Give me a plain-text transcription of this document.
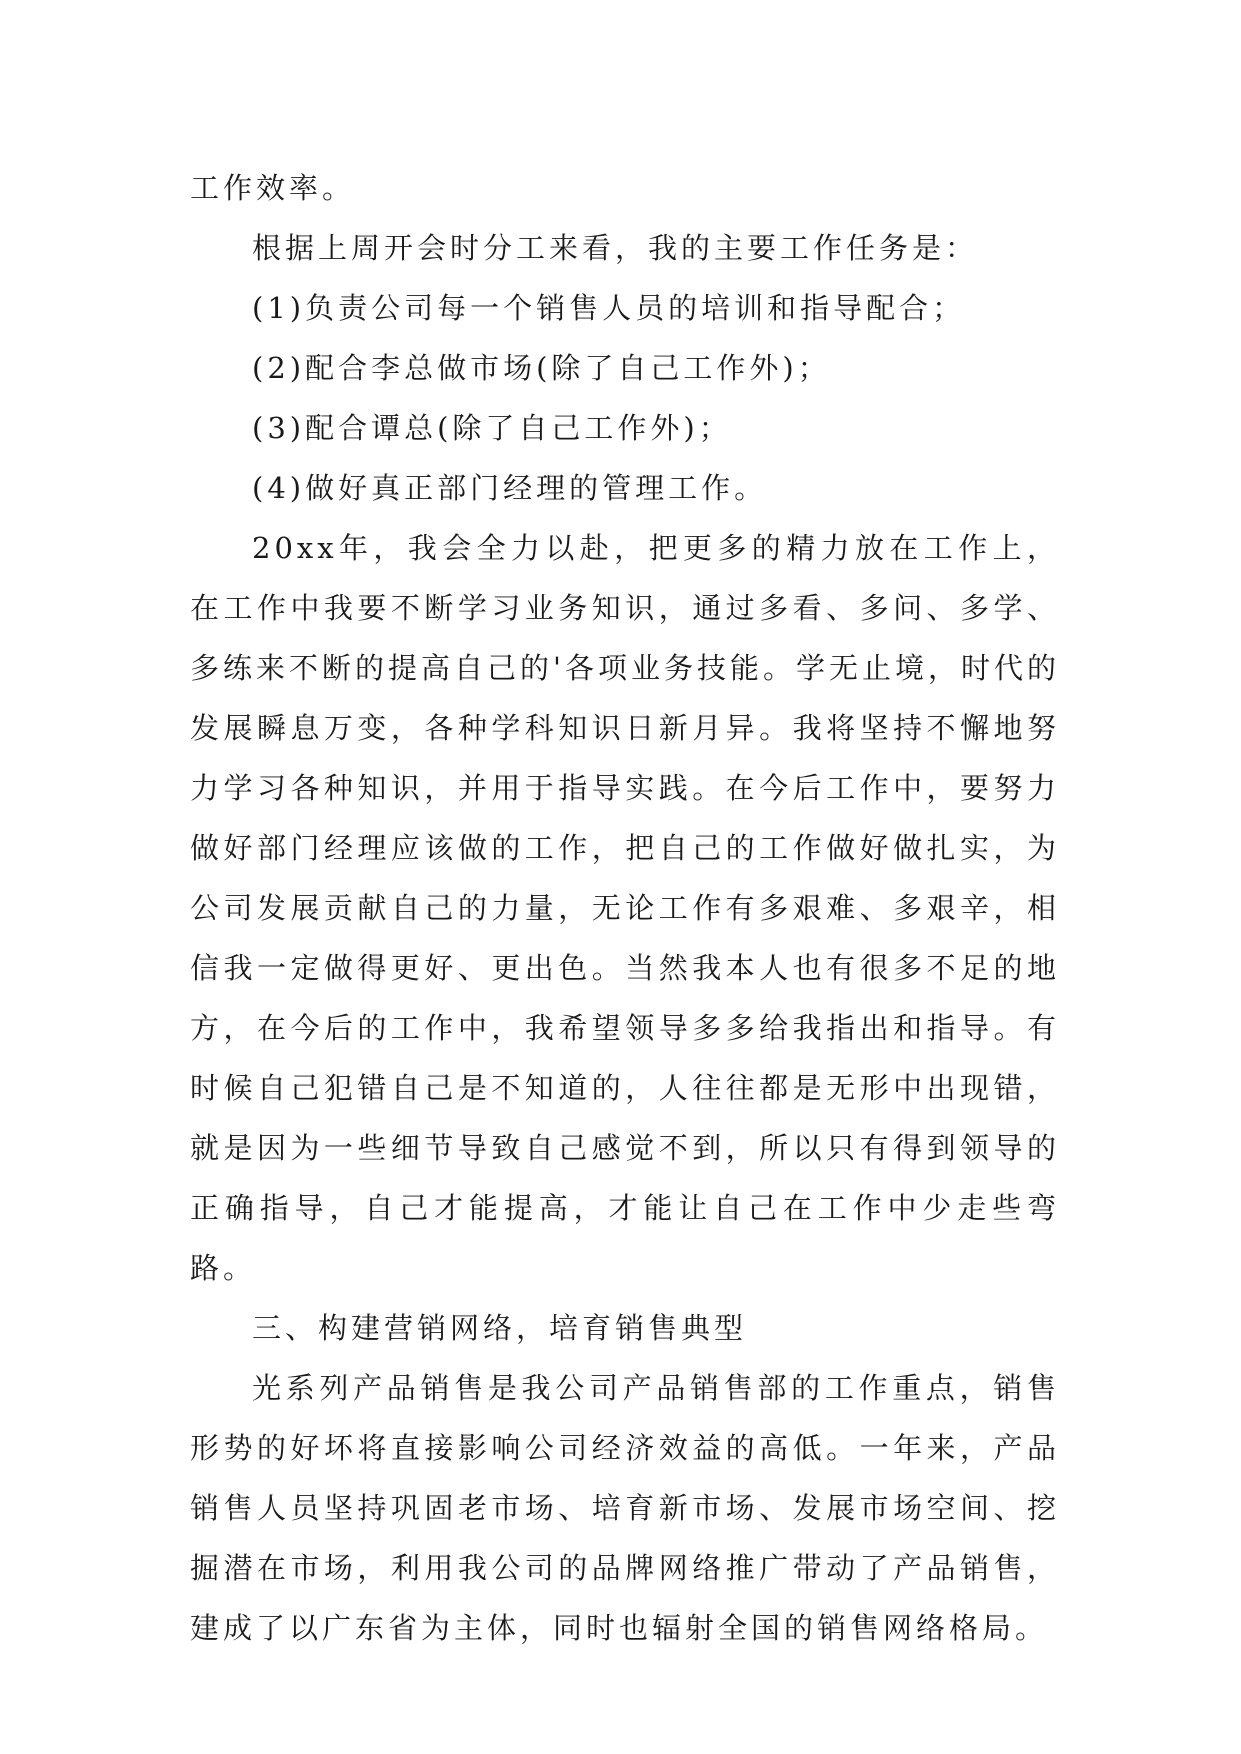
工作效率。

根据上周开会时分工来看，我的主要工作任务是：

(1)负责公司每一个销售人员的培训和指导配合；

(2)配合李总做市场(除了自己工作外)；

(3)配合谭总(除了自己工作外)；

(4)做好真正部门经理的管理工作。

20xx年，我会全力以赴，把更多的精力放在工作上，在工作中我要不断学习业务知识，通过多看、多问、多学、多练来不断的提高自己的'各项业务技能。学无止境，时代的发展瞬息万变，各种学科知识日新月异。我将坚持不懈地努力学习各种知识，并用于指导实践。在今后工作中，要努力做好部门经理应该做的工作，把自己的工作做好做扎实，为公司发展贡献自己的力量，无论工作有多艰难、多艰辛，相信我一定做得更好、更出色。当然我本人也有很多不足的地方，在今后的工作中，我希望领导多多给我指出和指导。有时候自己犯错自己是不知道的，人往往都是无形中出现错，就是因为一些细节导致自己感觉不到，所以只有得到领导的正确指导，自己才能提高，才能让自己在工作中少走些弯路。

三、构建营销网络，培育销售典型

光系列产品销售是我公司产品销售部的工作重点，销售形势的好坏将直接影响公司经济效益的高低。一年来，产品销售人员坚持巩固老市场、培育新市场、发展市场空间、挖掘潜在市场，利用我公司的品牌网络推广带动了产品销售，建成了以广东省为主体，同时也辐射全国的销售网络格局。
